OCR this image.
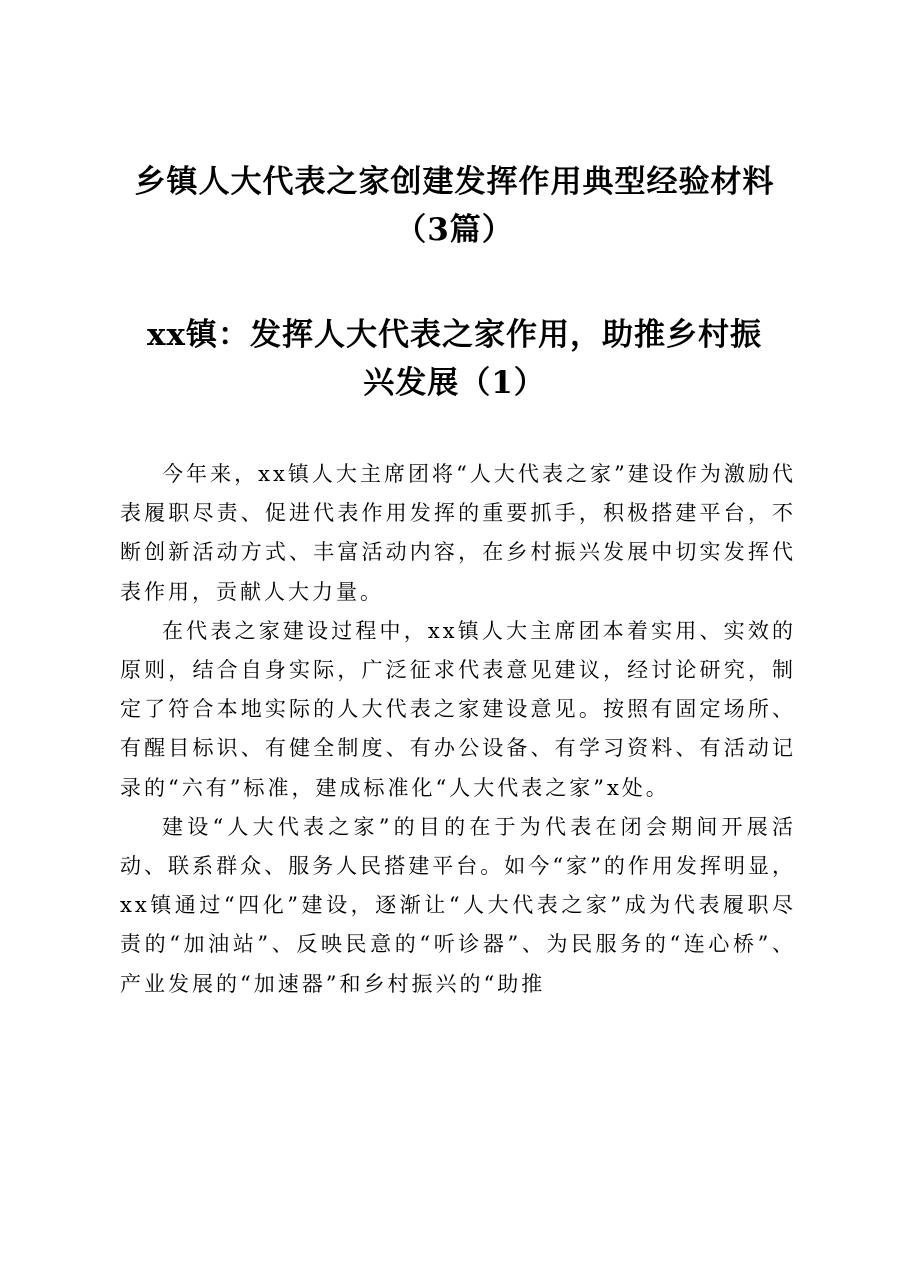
乡镇人大代表之家创建发挥作用典型经验材料
（3篇）
xx镇：发挥人大代表之家作用，助推乡村振
兴发展（1）

今年来，xx镇人大主席团将“人大代表之家”建设作为激励代表履职尽责、促进代表作用发挥的重要抓手，积极搭建平台，不断创新活动方式、丰富活动内容，在乡村振兴发展中切实发挥代表作用，贡献人大力量。

在代表之家建设过程中，xx镇人大主席团本着实用、实效的原则，结合自身实际，广泛征求代表意见建议，经讨论研究，制定了符合本地实际的人大代表之家建设意见。按照有固定场所、有醒目标识、有健全制度、有办公设备、有学习资料、有活动记录的“六有”标准，建成标准化“人大代表之家”x处。

建设“人大代表之家”的目的在于为代表在闭会期间开展活动、联系群众、服务人民搭建平台。如今“家”的作用发挥明显，xx镇通过“四化”建设，逐渐让“人大代表之家”成为代表履职尽责的“加油站”、反映民意的“听诊器”、为民服务的“连心桥”、产业发展的“加速器”和乡村振兴的“助推
